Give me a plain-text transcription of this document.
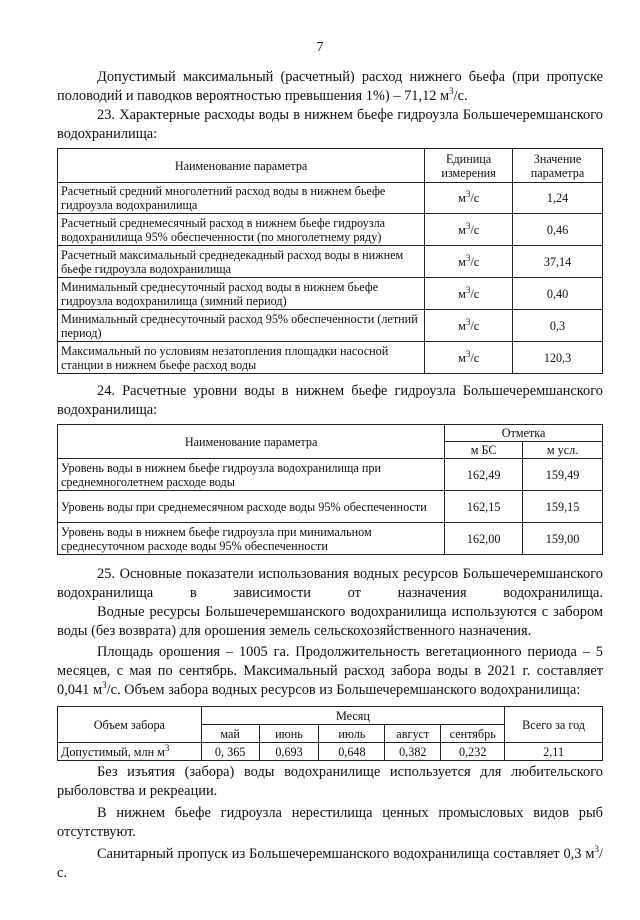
7

Допустимый максимальный (расчетный) расход нижнего бьефа (при пропуске половодий и паводков вероятностью превышения 1%) – 71,12 $м^3/с$.

23. Характерные расходы воды в нижнем бьефе гидроузла Большечеремшанского водохранилища:

Наименование параметра	Единица измерения	Значение параметра
Расчетный средний многолетний расход воды в нижнем бьефе гидроузла водохранилища	$м^3/с$	1,24
Расчетный среднемесячный расход в нижнем бьефе гидроузла водохранилища 95% обеспеченности (по многолетнему ряду)	$м^3/с$	0,46
Расчетный максимальный среднедекадный расход воды в нижнем бьефе гидроузла водохранилища	$м^3/с$	37,14
Минимальный среднесуточный расход воды в нижнем бьефе гидроузла водохранилища (зимний период)	$м^3/с$	0,40
Минимальный среднесуточный расход 95% обеспеченности (летний период)	$м^3/с$	0,3
Максимальный по условиям незатопления площадки насосной станции в нижнем бьефе расход воды	$м^3/с$	120,3

24. Расчетные уровни воды в нижнем бьефе гидроузла Большечеремшанского водохранилища:

Наименование параметра	Отметка	
	м БС	м усл.
Уровень воды в нижнем бьефе гидроузла водохранилища при среднемноголетнем расходе воды	162,49	159,49
Уровень воды при среднемесячном расходе воды 95% обеспеченности	162,15	159,15
Уровень воды в нижнем бьефе гидроузла при минимальном среднесуточном расходе воды 95% обеспеченности	162,00	159,00

25. Основные показатели использования водных ресурсов Большечеремшанского водохранилища в зависимости от назначения водохранилища.

Водные ресурсы Большечеремшанского водохранилища используются с забором воды (без возврата) для орошения земель сельскохозяйственного назначения.

Площадь орошения – 1005 га. Продолжительность вегетационного периода – 5 месяцев, с мая по сентябрь. Максимальный расход забора воды в 2021 г. составляет 0,041 $м^3/с$. Объем забора водных ресурсов из Большечеремшанского водохранилища:

Объем забора	Месяц					Всего за год
	май	июнь	июль	август	сентябрь	
Допустимый, млн $м^3$	0, 365	0,693	0,648	0,382	0,232	2,11

Без изъятия (забора) воды водохранилище используется для любительского рыболовства и рекреации.

В нижнем бьефе гидроузла нерестилища ценных промысловых видов рыб отсутствуют.

Санитарный пропуск из Большечеремшанского водохранилища составляет 0,3 $м^3/с$.
